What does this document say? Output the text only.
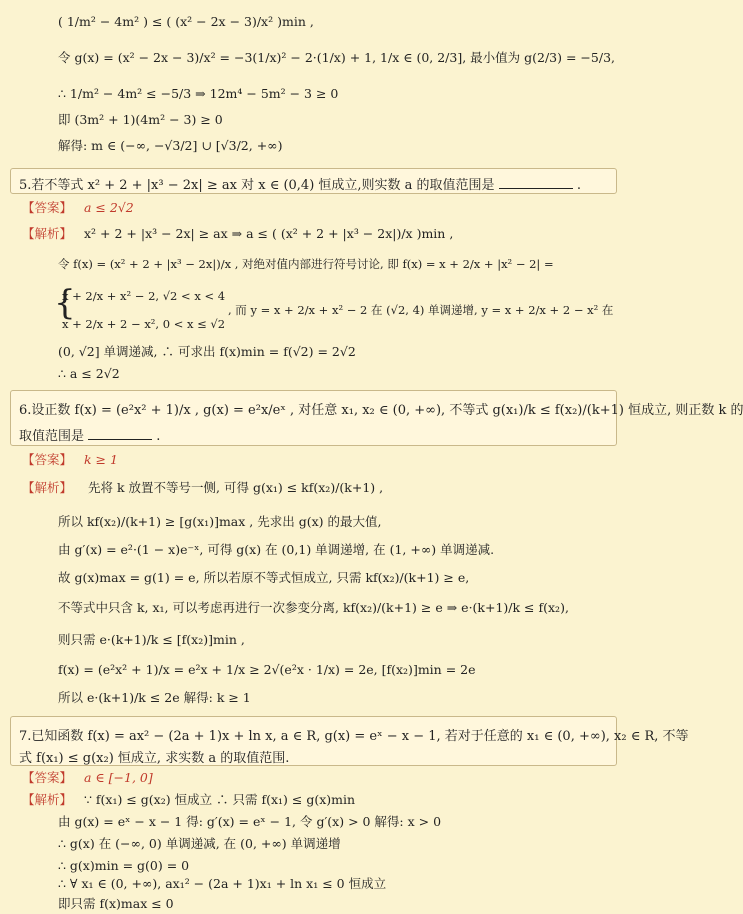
( 1/m² − 4m² ) ≤ ( (x² − 2x − 3)/x² )min ,
令 g(x) = (x² − 2x − 3)/x² = −3(1/x)² − 2·(1/x) + 1, 1/x ∈ (0, 2/3], 最小值为 g(2/3) = −5/3,
∴ 1/m² − 4m² ≤ −5/3 ⇒ 12m⁴ − 5m² − 3 ≥ 0
即 (3m² + 1)(4m² − 3) ≥ 0
解得: m ∈ (−∞, −√3/2] ∪ [√3/2, +∞)
5.若不等式 x² + 2 + |x³ − 2x| ≥ ax 对 x ∈ (0,4) 恒成立,则实数 a 的取值范围是	.
【答案】 a ≤ 2√2
【解析】 x² + 2 + |x³ − 2x| ≥ ax ⇒ a ≤ ( (x² + 2 + |x³ − 2x|)/x )min ,
令 f(x) = (x² + 2 + |x³ − 2x|)/x , 对绝对值内部进行符号讨论, 即 f(x) = x + 2/x + |x² − 2| =
x + 2/x + x² − 2, √2 < x < 4
x + 2/x + 2 − x², 0 < x ≤ √2
{	, 而 y = x + 2/x + x² − 2 在 (√2, 4) 单调递增, y = x + 2/x + 2 − x² 在
(0, √2] 单调递减, ∴ 可求出 f(x)min = f(√2) = 2√2
∴ a ≤ 2√2
6.设正数 f(x) = (e²x² + 1)/x , g(x) = e²x/eˣ , 对任意 x₁, x₂ ∈ (0, +∞), 不等式 g(x₁)/k ≤ f(x₂)/(k+1) 恒成立, 则正数 k 的
取值范围是	.
【答案】 k ≥ 1
【解析】 先将 k 放置不等号一侧, 可得 g(x₁) ≤ kf(x₂)/(k+1) ,
所以 kf(x₂)/(k+1) ≥ [g(x₁)]max , 先求出 g(x) 的最大值,
由 g′(x) = e²·(1 − x)e⁻ˣ, 可得 g(x) 在 (0,1) 单调递增, 在 (1, +∞) 单调递减.
故 g(x)max = g(1) = e, 所以若原不等式恒成立, 只需 kf(x₂)/(k+1) ≥ e,
不等式中只含 k, x₁, 可以考虑再进行一次参变分离, kf(x₂)/(k+1) ≥ e ⇒ e·(k+1)/k ≤ f(x₂),
则只需 e·(k+1)/k ≤ [f(x₂)]min ,
f(x) = (e²x² + 1)/x = e²x + 1/x ≥ 2√(e²x · 1/x) = 2e, [f(x₂)]min = 2e
所以 e·(k+1)/k ≤ 2e 解得: k ≥ 1
7.已知函数 f(x) = ax² − (2a + 1)x + ln x, a ∈ R, g(x) = eˣ − x − 1, 若对于任意的 x₁ ∈ (0, +∞), x₂ ∈ R, 不等
式 f(x₁) ≤ g(x₂) 恒成立, 求实数 a 的取值范围.
【答案】 a ∈ [−1, 0]
【解析】 ∵ f(x₁) ≤ g(x₂) 恒成立 ∴ 只需 f(x₁) ≤ g(x)min
由 g(x) = eˣ − x − 1 得: g′(x) = eˣ − 1, 令 g′(x) > 0 解得: x > 0
∴ g(x) 在 (−∞, 0) 单调递减, 在 (0, +∞) 单调递增
∴ g(x)min = g(0) = 0
∴ ∀ x₁ ∈ (0, +∞), ax₁² − (2a + 1)x₁ + ln x₁ ≤ 0 恒成立
即只需 f(x)max ≤ 0
